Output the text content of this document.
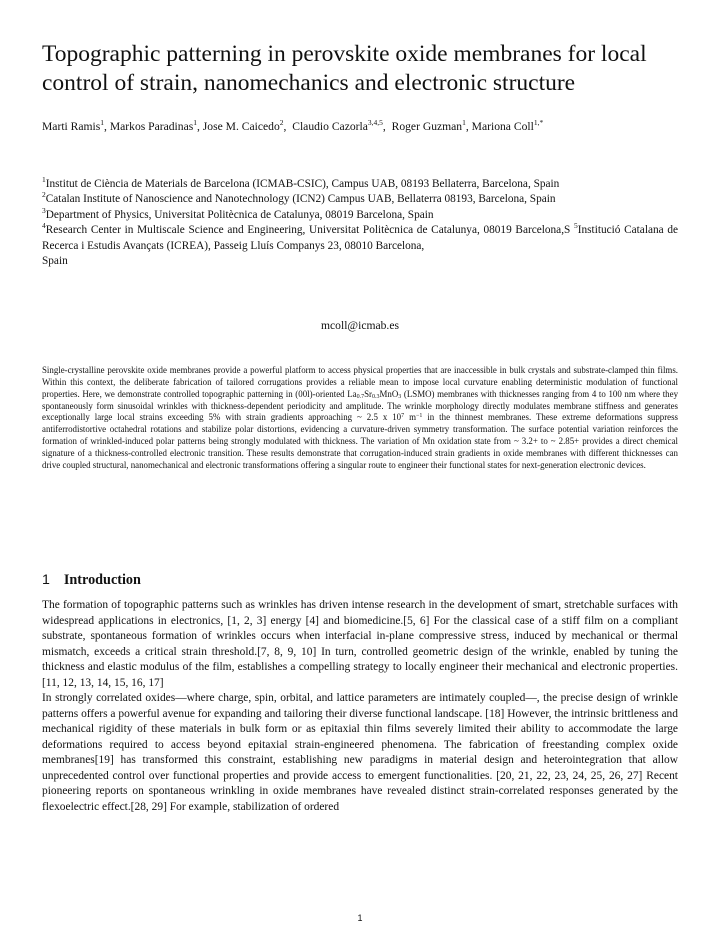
Topographic patterning in perovskite oxide membranes for local control of strain, nanomechanics and electronic structure
Marti Ramis$^1$, Markos Paradinas$^1$, Jose M. Caicedo$^2$,  Claudio Cazorla$^{3,4,5}$,  Roger Guzman$^1$, Mariona Coll$^{1,*}$
$^1$Institut de Ciència de Materials de Barcelona (ICMAB-CSIC), Campus UAB, 08193 Bellaterra, Barcelona, Spain
$^2$Catalan Institute of Nanoscience and Nanotechnology (ICN2) Campus UAB, Bellaterra 08193, Barcelona, Spain
$^3$Department of Physics, Universitat Politècnica de Catalunya, 08019 Barcelona, Spain
$^4$Research Center in Multiscale Science and Engineering, Universitat Politècnica de Catalunya, 08019 Barcelona,S $^5$Institució Catalana de Recerca i Estudis Avançats (ICREA), Passeig Lluís Companys 23, 08010 Barcelona,
Spain
mcoll@icmab.es
Single-crystalline perovskite oxide membranes provide a powerful platform to access physical properties that are inaccessible in bulk crystals and substrate-clamped thin films. Within this context, the deliberate fabrication of tailored corrugations provides a reliable mean to impose local curvature enabling deterministic modulation of functional properties. Here, we demonstrate controlled topographic patterning in (00l)-oriented $La_{0.7}Sr_{0.3}MnO_3$ (LSMO) membranes with thicknesses ranging from 4 to 100 nm where they spontaneously form sinusoidal wrinkles with thickness-dependent periodicity and amplitude. The wrinkle morphology directly modulates membrane stiffness and generates exceptionally large local strains exceeding 5% with strain gradients approaching ~ 2.5 x $10^7$ $m^{-1}$ in the thinnest membranes. These extreme deformations suppress antiferrodistortive octahedral rotations and stabilize polar distortions, evidencing a curvature-driven symmetry transformation. The surface potential variation reinforces the formation of wrinkled-induced polar patterns being strongly modulated with thickness. The variation of Mn oxidation state from ~ 3.2+ to ~ 2.85+ provides a direct chemical signature of a thickness-controlled electronic transition. These results demonstrate that corrugation-induced strain gradients in oxide membranes with different thicknesses can drive coupled structural, nanomechanical and electronic transformations offering a singular route to engineer their functional states for next-generation electronic devices.
1 Introduction

The formation of topographic patterns such as wrinkles has driven intense research in the development of smart, stretchable surfaces with widespread applications in electronics, [1, 2, 3] energy [4] and biomedicine.[5, 6] For the classical case of a stiff film on a compliant substrate, spontaneous formation of wrinkles occurs when interfacial in-plane compressive stress, induced by mechanical or thermal mismatch, exceeds a critical strain threshold.[7, 8, 9, 10] In turn, controlled geometric design of the wrinkle, enabled by tuning the thickness and elastic modulus of the film, establishes a compelling strategy to locally engineer their mechanical and electronic properties. [11, 12, 13, 14, 15, 16, 17]

In strongly correlated oxides—where charge, spin, orbital, and lattice parameters are intimately coupled—, the precise design of wrinkle patterns offers a powerful avenue for expanding and tailoring their diverse functional landscape. [18] However, the intrinsic brittleness and mechanical rigidity of these materials in bulk form or as epitaxial thin films severely limited their ability to accommodate the large deformations required to access beyond epitaxial strain-engineered phenomena. The fabrication of freestanding complex oxide membranes[19] has transformed this constraint, establishing new paradigms in material design and heterointegration that allow unprecedented control over functional properties and provide access to emergent functionalities. [20, 21, 22, 23, 24, 25, 26, 27] Recent pioneering reports on spontaneous wrinkling in oxide membranes have revealed distinct strain-correlated responses generated by the flexoelectric effect.[28, 29] For example, stabilization of ordered

1
